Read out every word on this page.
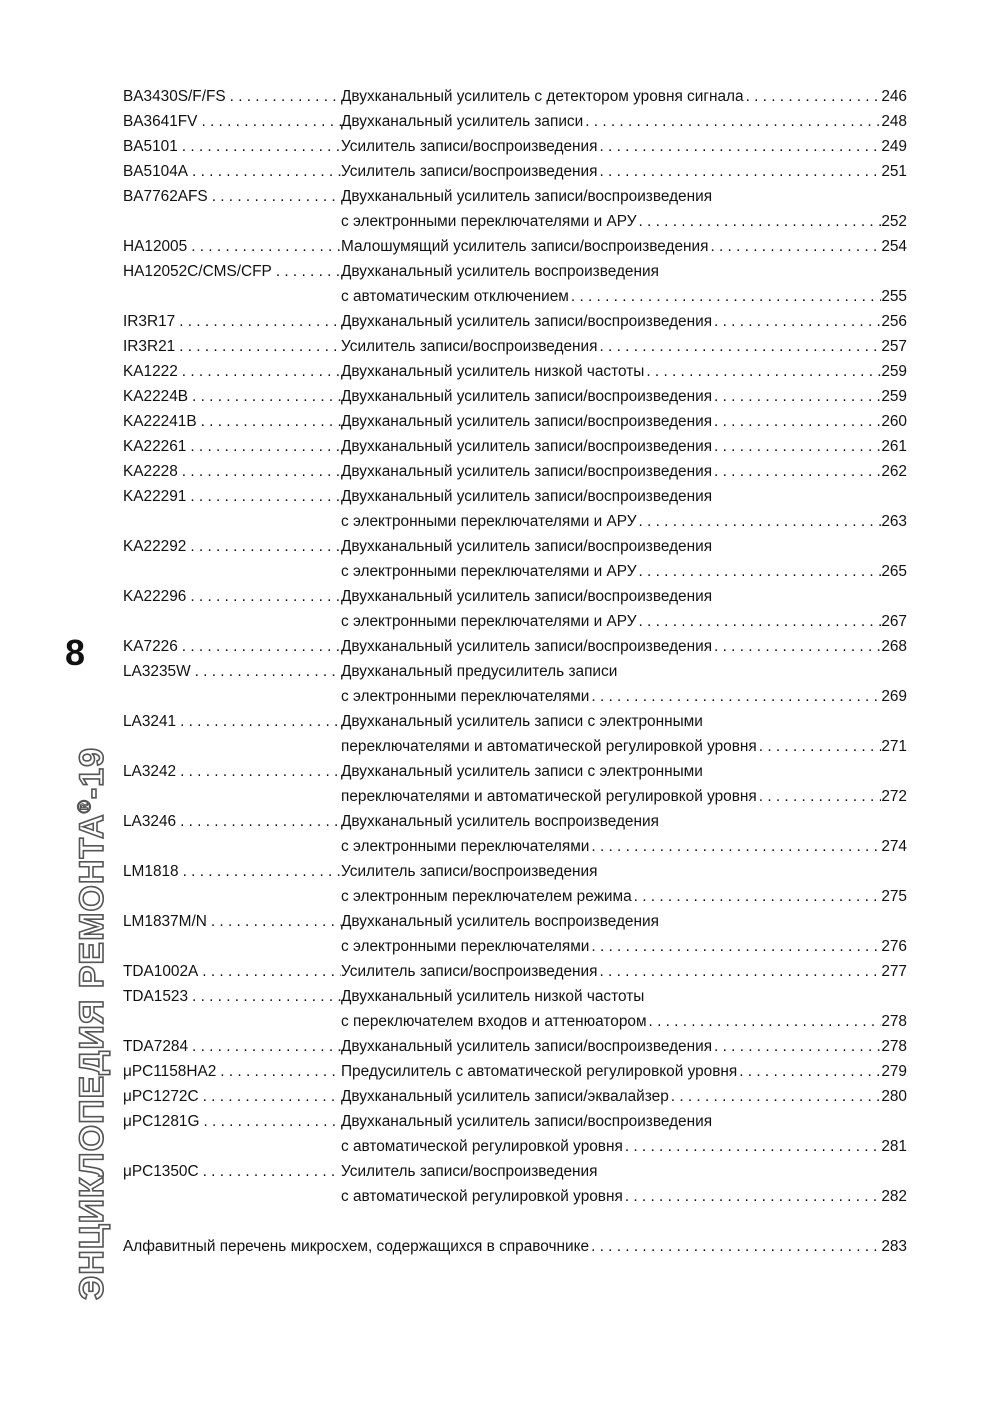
8
ЭНЦИКЛОПЕДИЯ РЕМОНТА®-19
BA3430S/F/FS . . .	Двухканальный усилитель с детектором уровня сигнала . . .	246
BA3641FV . . .	Двухканальный усилитель записи . . .	248
BA5101 . . .	Усилитель записи/воспроизведения . . .	249
BA5104A . . .	Усилитель записи/воспроизведения . . .	251
BA7762AFS . . .	Двухканальный усилитель записи/воспроизведения
с электронными переключателями и АРУ . . .	252
HA12005 . . .	Малошумящий усилитель записи/воспроизведения . . .	254
HA12052C/CMS/CFP . . .	Двухканальный усилитель воспроизведения
с автоматическим отключением . . .	255
IR3R17 . . .	Двухканальный усилитель записи/воспроизведения . . .	256
IR3R21 . . .	Усилитель записи/воспроизведения . . .	257
KA1222 . . .	Двухканальный усилитель низкой частоты . . .	259
KA2224B . . .	Двухканальный усилитель записи/воспроизведения . . .	259
KA22241B . . .	Двухканальный усилитель записи/воспроизведения . . .	260
KA22261 . . .	Двухканальный усилитель записи/воспроизведения . . .	261
KA2228 . . .	Двухканальный усилитель записи/воспроизведения . . .	262
KA22291 . . .	Двухканальный усилитель записи/воспроизведения
с электронными переключателями и АРУ . . .	263
KA22292 . . .	Двухканальный усилитель записи/воспроизведения
с электронными переключателями и АРУ . . .	265
KA22296 . . .	Двухканальный усилитель записи/воспроизведения
с электронными переключателями и АРУ . . .	267
KA7226 . . .	Двухканальный усилитель записи/воспроизведения . . .	268
LA3235W . . .	Двухканальный предусилитель записи
с электронными переключателями . . .	269
LA3241 . . .	Двухканальный усилитель записи с электронными
переключателями и автоматической регулировкой уровня . . .	271
LA3242 . . .	Двухканальный усилитель записи с электронными
переключателями и автоматической регулировкой уровня . . .	272
LA3246 . . .	Двухканальный усилитель воспроизведения
с электронными переключателями . . .	274
LM1818 . . .	Усилитель записи/воспроизведения
с электронным переключателем режима . . .	275
LM1837M/N . . .	Двухканальный усилитель воспроизведения
с электронными переключателями . . .	276
TDA1002A . . .	Усилитель записи/воспроизведения . . .	277
TDA1523 . . .	Двухканальный усилитель низкой частоты
с переключателем входов и аттенюатором . . .	278
TDA7284 . . .	Двухканальный усилитель записи/воспроизведения . . .	278
μPC1158HA2 . . .	Предусилитель с автоматической регулировкой уровня . . .	279
μPC1272C . . .	Двухканальный усилитель записи/эквалайзер . . .	280
μPC1281G . . .	Двухканальный усилитель записи/воспроизведения
с автоматической регулировкой уровня . . .	281
μPC1350C . . .	Усилитель записи/воспроизведения
с автоматической регулировкой уровня . . .	282
Алфавитный перечень микросхем, содержащихся в справочнике . . .	283
